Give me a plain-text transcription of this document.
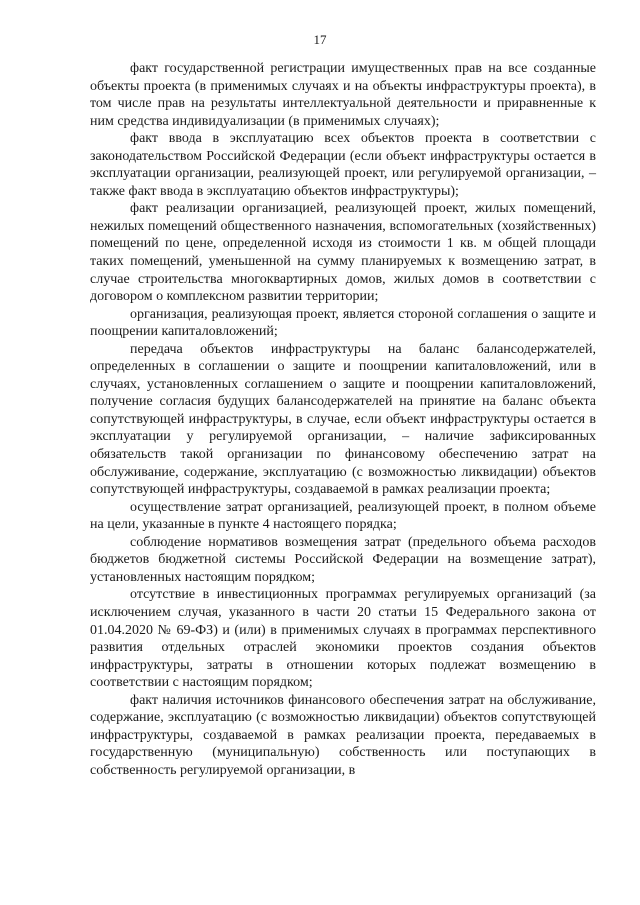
17

факт государственной регистрации имущественных прав на все созданные объекты проекта (в применимых случаях и на объекты инфраструктуры проекта), в том числе прав на результаты интеллектуальной деятельности и приравненные к ним средства индивидуализации (в применимых случаях);

факт ввода в эксплуатацию всех объектов проекта в соответствии с законодательством Российской Федерации (если объект инфраструктуры остается в эксплуатации организации, реализующей проект, или регулируемой организации, – также факт ввода в эксплуатацию объектов инфраструктуры);

факт реализации организацией, реализующей проект, жилых помещений, нежилых помещений общественного назначения, вспомогательных (хозяйственных) помещений по цене, определенной исходя из стоимости 1 кв. м общей площади таких помещений, уменьшенной на сумму планируемых к возмещению затрат, в случае строительства многоквартирных домов, жилых домов в соответствии с договором о комплексном развитии территории;

организация, реализующая проект, является стороной соглашения о защите и поощрении капиталовложений;

передача объектов инфраструктуры на баланс балансодержателей, определенных в соглашении о защите и поощрении капиталовложений, или в случаях, установленных соглашением о защите и поощрении капиталовложений, получение согласия будущих балансодержателей на принятие на баланс объекта сопутствующей инфраструктуры, в случае, если объект инфраструктуры остается в эксплуатации у регулируемой организации, – наличие зафиксированных обязательств такой организации по финансовому обеспечению затрат на обслуживание, содержание, эксплуатацию (с возможностью ликвидации) объектов сопутствующей инфраструктуры, создаваемой в рамках реализации проекта;

осуществление затрат организацией, реализующей проект, в полном объеме на цели, указанные в пункте 4 настоящего порядка;

соблюдение нормативов возмещения затрат (предельного объема расходов бюджетов бюджетной системы Российской Федерации на возмещение затрат), установленных настоящим порядком;

отсутствие в инвестиционных программах регулируемых организаций (за исключением случая, указанного в части 20 статьи 15 Федерального закона от 01.04.2020 № 69-ФЗ) и (или) в применимых случаях в программах перспективного развития отдельных отраслей экономики проектов создания объектов инфраструктуры, затраты в отношении которых подлежат возмещению в соответствии с настоящим порядком;

факт наличия источников финансового обеспечения затрат на обслуживание, содержание, эксплуатацию (с возможностью ликвидации) объектов сопутствующей инфраструктуры, создаваемой в рамках реализации проекта, передаваемых в государственную (муниципальную) собственность или поступающих в собственность регулируемой организации, в
